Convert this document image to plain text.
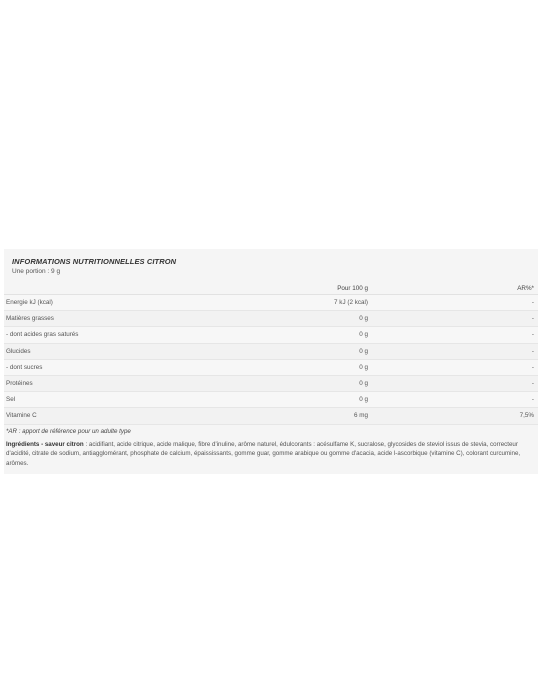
INFORMATIONS NUTRITIONNELLES CITRON
Une portion : 9 g
	Pour 100 g	AR%*
Energie kJ (kcal)	7 kJ (2 kcal)	-
Matières grasses	0 g	-
- dont acides gras saturés	0 g	-
Glucides	0 g	-
- dont sucres	0 g	-
Protéines	0 g	-
Sel	0 g	-
Vitamine C	6 mg	7,5%
*AR : apport de référence pour un adulte type
Ingrédients - saveur citron : acidifiant, acide citrique, acide malique, fibre d'inuline, arôme naturel, édulcorants : acésulfame K, sucralose, glycosides de steviol issus de stevia, correcteur d'acidité, citrate de sodium, antiagglomérant, phosphate de calcium, épaississants, gomme guar, gomme arabique ou gomme d'acacia, acide l-ascorbique (vitamine C), colorant curcumine, arômes.
